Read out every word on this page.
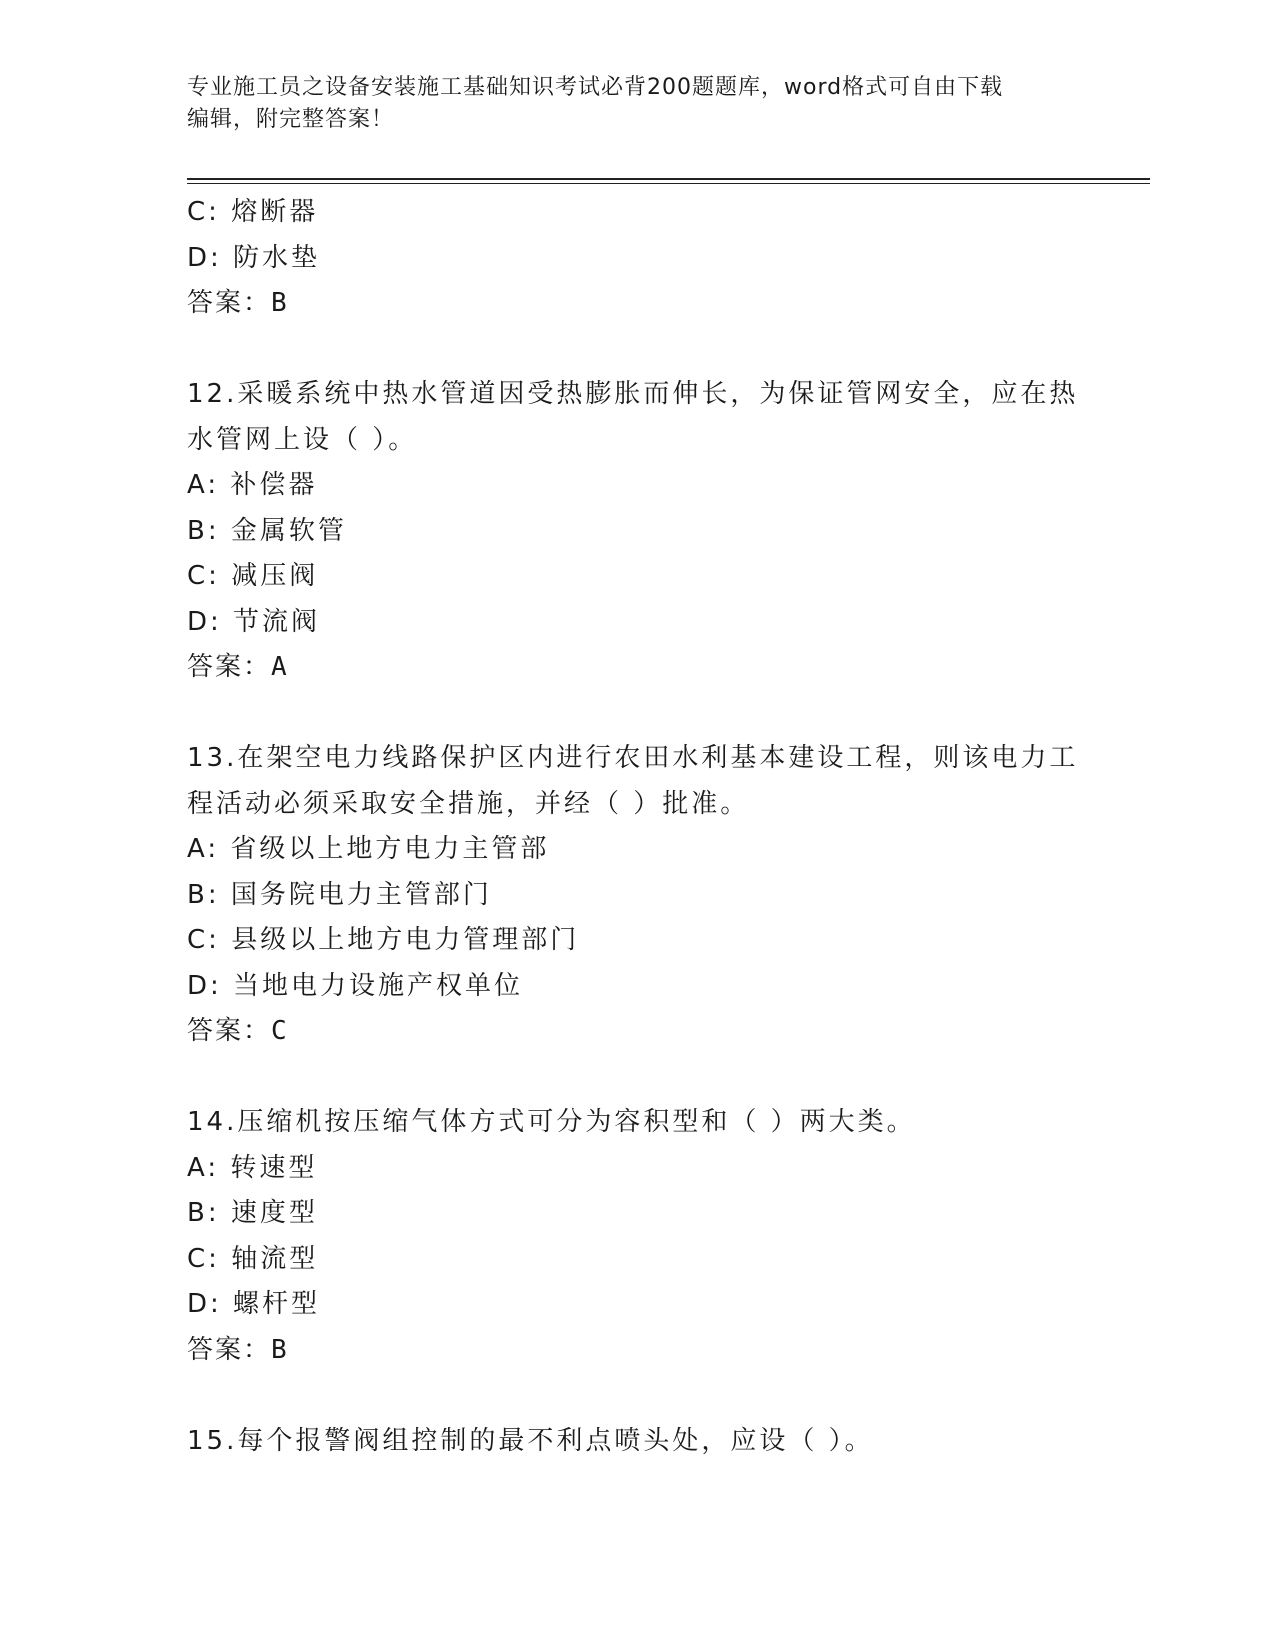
专业施工员之设备安装施工基础知识考试必背200题题库，word格式可自由下载
编辑，附完整答案！
C: 熔断器
D: 防水垫
答案：B
12.采暖系统中热水管道因受热膨胀而伸长，为保证管网安全，应在热
水管网上设（ ）。
A: 补偿器
B: 金属软管
C: 减压阀
D: 节流阀
答案：A
13.在架空电力线路保护区内进行农田水利基本建设工程，则该电力工
程活动必须采取安全措施，并经（ ）批准。
A: 省级以上地方电力主管部
B: 国务院电力主管部门
C: 县级以上地方电力管理部门
D: 当地电力设施产权单位
答案：C
14.压缩机按压缩气体方式可分为容积型和（ ）两大类。
A: 转速型
B: 速度型
C: 轴流型
D: 螺杆型
答案：B
15.每个报警阀组控制的最不利点喷头处，应设（ ）。
